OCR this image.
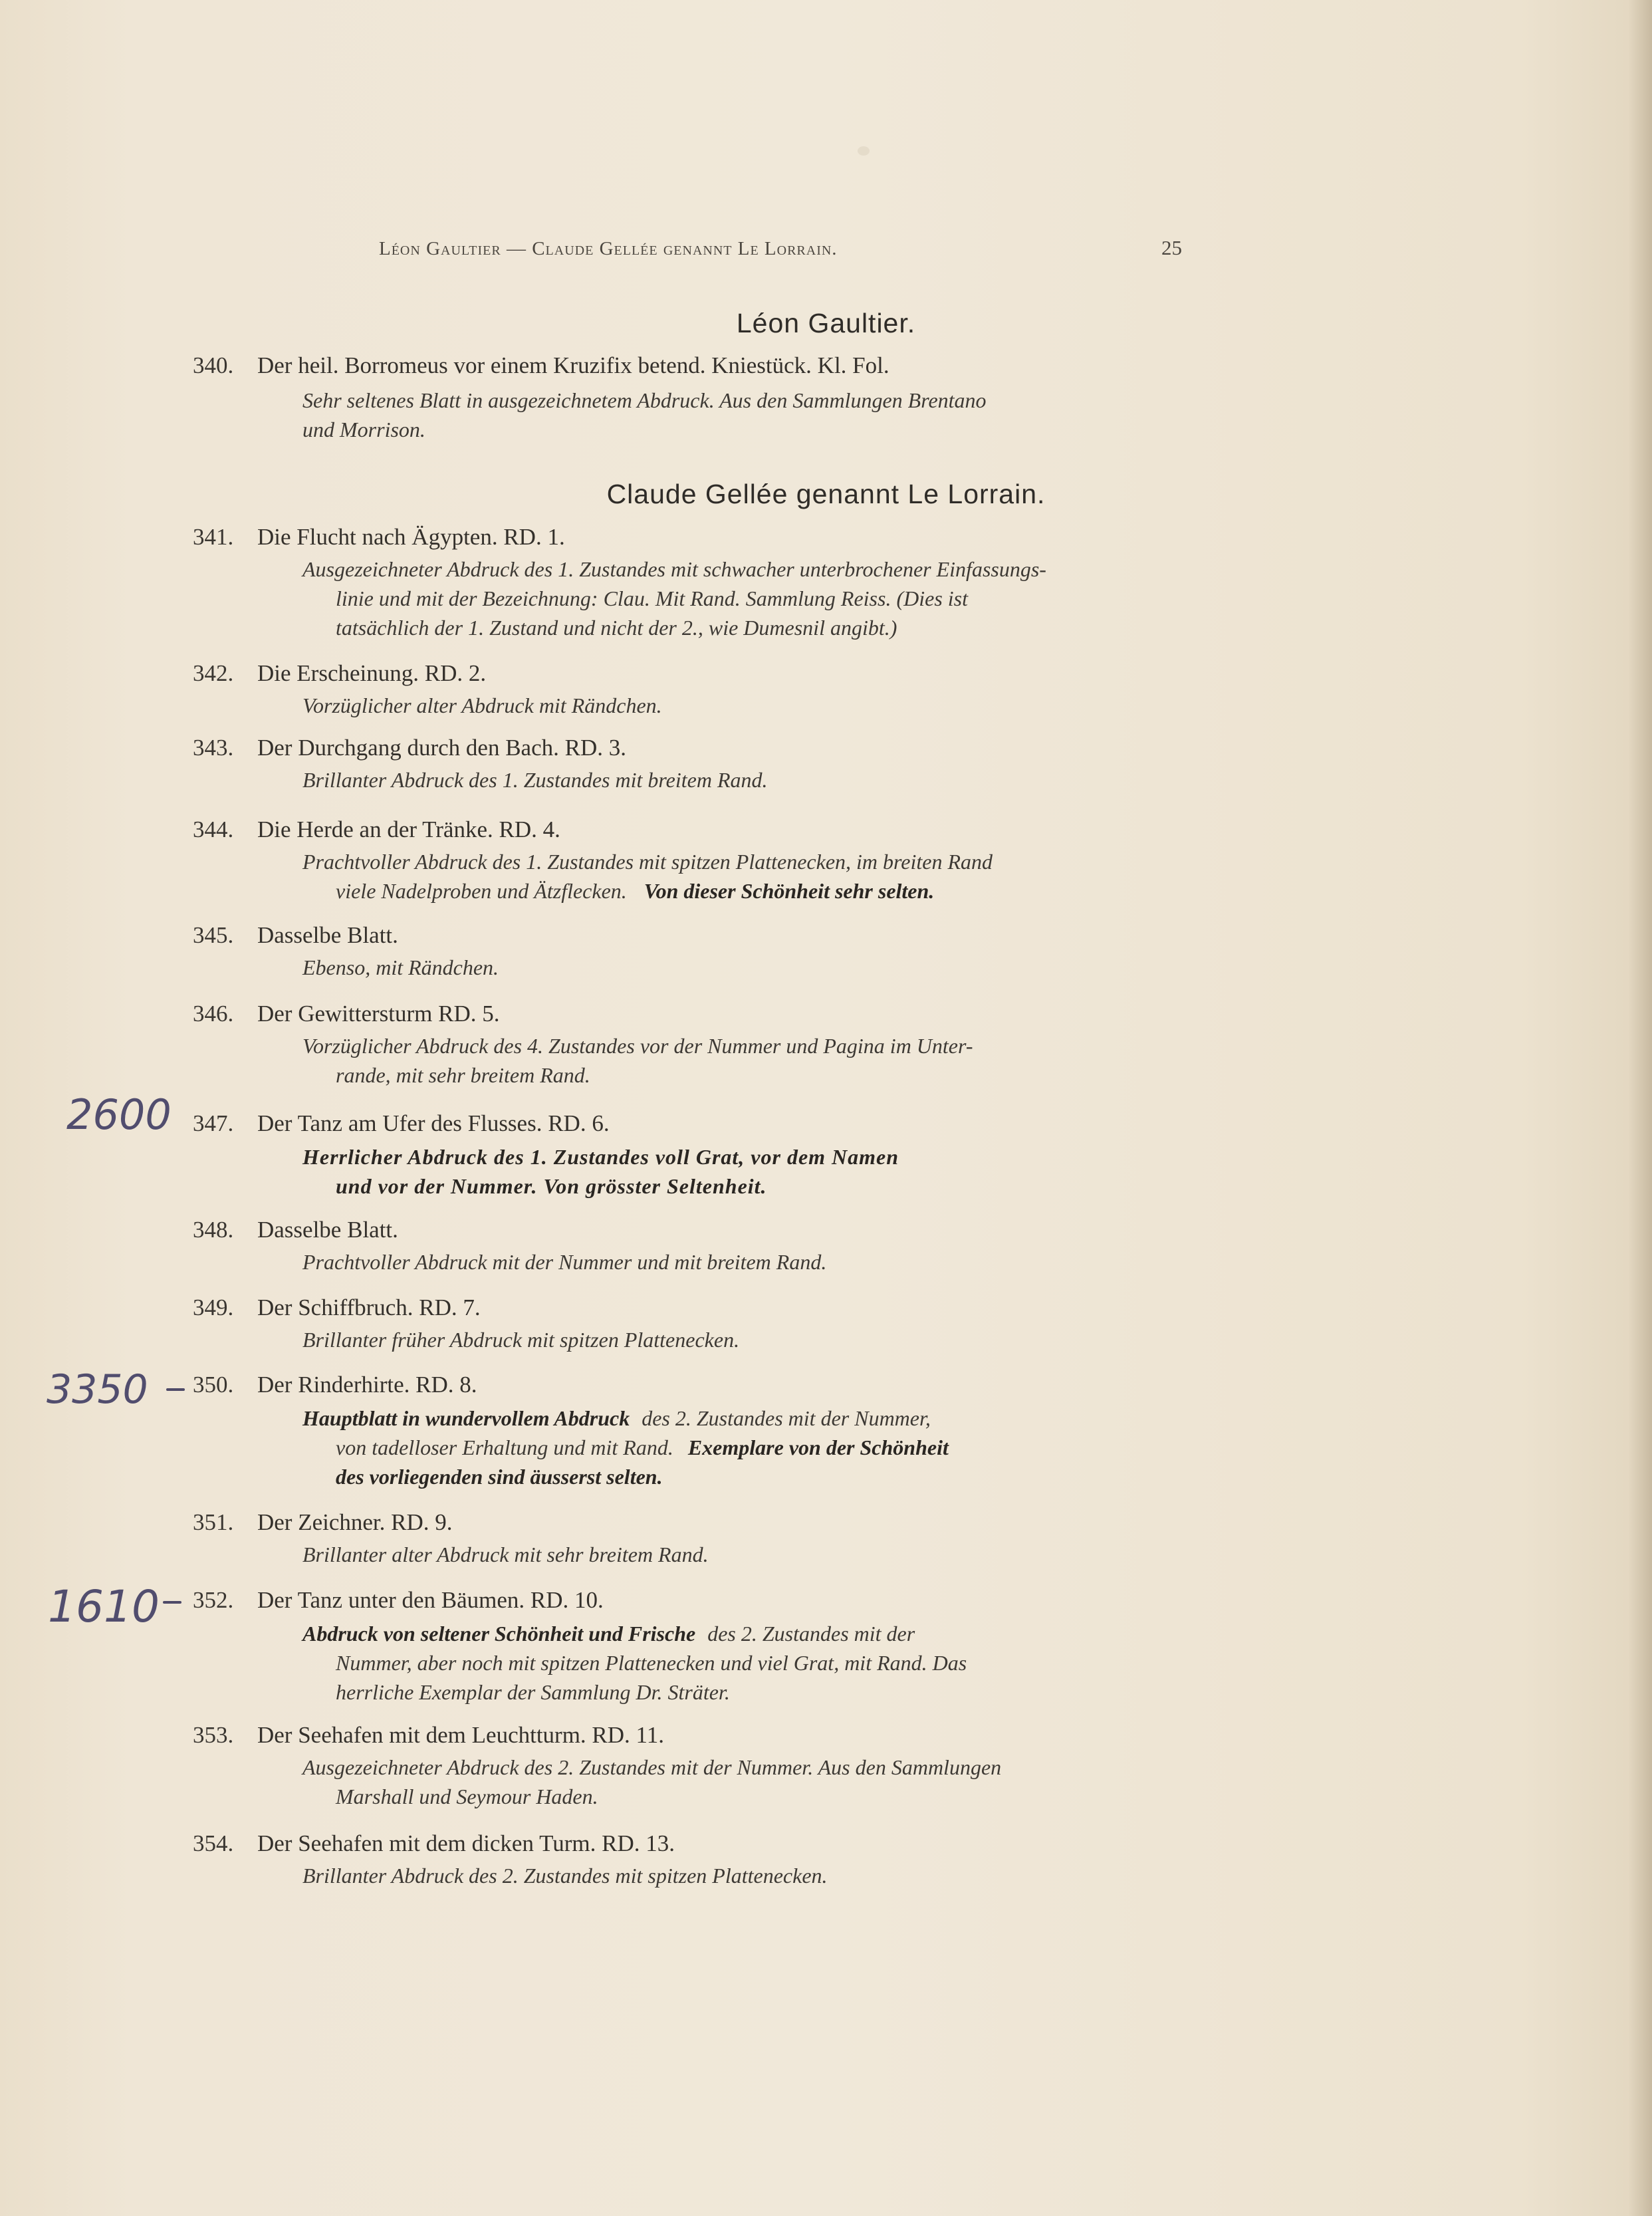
Léon Gaultier — Claude Gellée genannt Le Lorrain.	25
Léon Gaultier.
340.	Der heil. Borromeus vor einem Kruzifix betend. Kniestück. Kl. Fol.
Sehr seltenes Blatt in ausgezeichnetem Abdruck. Aus den Sammlungen Brentano
und Morrison.
Claude Gellée genannt Le Lorrain.
341.	Die Flucht nach Ägypten. RD. 1.
Ausgezeichneter Abdruck des 1. Zustandes mit schwacher unterbrochener Einfassungs-
linie und mit der Bezeichnung: Clau. Mit Rand. Sammlung Reiss. (Dies ist
tatsächlich der 1. Zustand und nicht der 2., wie Dumesnil angibt.)
342.	Die Erscheinung. RD. 2.
Vorzüglicher alter Abdruck mit Rändchen.
343.	Der Durchgang durch den Bach. RD. 3.
Brillanter Abdruck des 1. Zustandes mit breitem Rand.
344.	Die Herde an der Tränke. RD. 4.
Prachtvoller Abdruck des 1. Zustandes mit spitzen Plattenecken, im breiten Rand
viele Nadelproben und Ätzflecken. Von dieser Schönheit sehr selten.
345.	Dasselbe Blatt.
Ebenso, mit Rändchen.
346.	Der Gewittersturm RD. 5.
Vorzüglicher Abdruck des 4. Zustandes vor der Nummer und Pagina im Unter-
rande, mit sehr breitem Rand.
2600 347.	Der Tanz am Ufer des Flusses. RD. 6.
Herrlicher Abdruck des 1. Zustandes voll Grat, vor dem Namen
und vor der Nummer. Von grösster Seltenheit.
348.	Dasselbe Blatt.
Prachtvoller Abdruck mit der Nummer und mit breitem Rand.
349.	Der Schiffbruch. RD. 7.
Brillanter früher Abdruck mit spitzen Plattenecken.
3350 350.	Der Rinderhirte. RD. 8.
Hauptblatt in wundervollem Abdruck des 2. Zustandes mit der Nummer,
von tadelloser Erhaltung und mit Rand. Exemplare von der Schönheit
des vorliegenden sind äusserst selten.
351.	Der Zeichner. RD. 9.
Brillanter alter Abdruck mit sehr breitem Rand.
1610 352.	Der Tanz unter den Bäumen. RD. 10.
Abdruck von seltener Schönheit und Frische des 2. Zustandes mit der
Nummer, aber noch mit spitzen Plattenecken und viel Grat, mit Rand. Das
herrliche Exemplar der Sammlung Dr. Sträter.
353.	Der Seehafen mit dem Leuchtturm. RD. 11.
Ausgezeichneter Abdruck des 2. Zustandes mit der Nummer. Aus den Sammlungen
Marshall und Seymour Haden.
354.	Der Seehafen mit dem dicken Turm. RD. 13.
Brillanter Abdruck des 2. Zustandes mit spitzen Plattenecken.
